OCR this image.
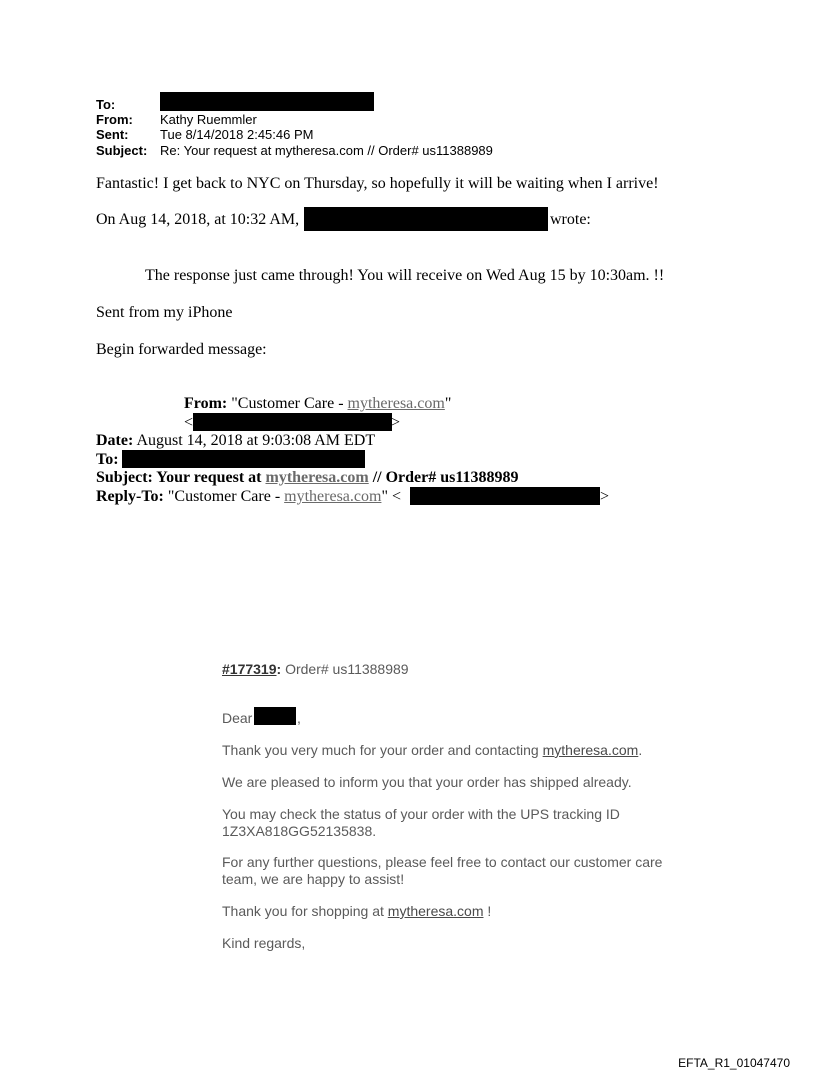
To:
From: Kathy Ruemmler
Sent: Tue 8/14/2018 2:45:46 PM
Subject: Re: Your request at mytheresa.com // Order# us11388989
Fantastic! I get back to NYC on Thursday, so hopefully it will be waiting when I arrive!
On Aug 14, 2018, at 10:32 AM,	wrote:
The response just came through! You will receive on Wed Aug 15 by 10:30am. !!
Sent from my iPhone
Begin forwarded message:
From: "Customer Care - mytheresa.com"
<	>
Date: August 14, 2018 at 9:03:08 AM EDT
To:
Subject: Your request at mytheresa.com // Order# us11388989
Reply-To: "Customer Care - mytheresa.com" <	>
#177319: Order# us11388989
Dear	,
Thank you very much for your order and contacting mytheresa.com.
We are pleased to inform you that your order has shipped already.
You may check the status of your order with the UPS tracking ID
1Z3XA818GG52135838.
For any further questions, please feel free to contact our customer care
team, we are happy to assist!
Thank you for shopping at mytheresa.com !
Kind regards,
EFTA_R1_01047470
